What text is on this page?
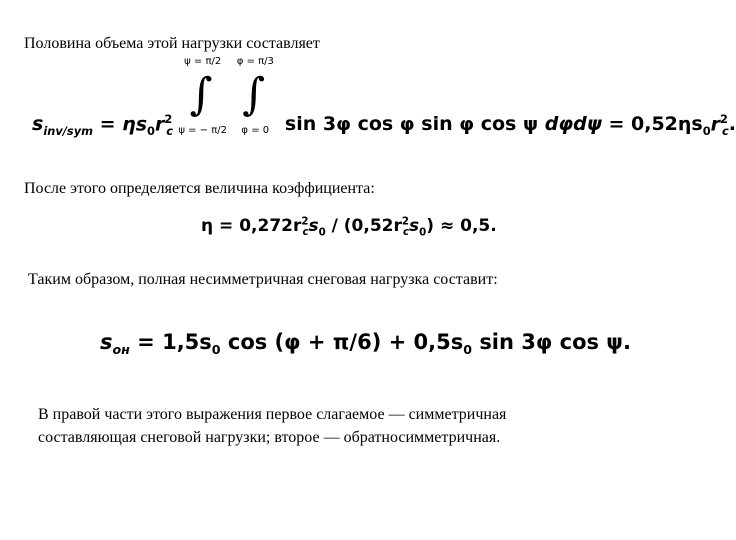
Половина объема этой нагрузки составляет

$s_{inv/sym} = \eta s_0r^2_c$
ψ = π/2
∫
ψ = − π/2

φ = π/3
∫
φ = 0 sin 3φ cos φ sin φ cos ψ $d\varphi d\psi = 0,52\eta s_0r^2_c$.

После этого определяется величина коэффициента:

$\eta = 0,272r^2_cs_0 / (0,52r^2_cs_0) \approx 0,5$.

Таким образом, полная несимметричная снеговая нагрузка составит:

$s_{он} = 1,5s_0$ $\cos (\varphi + \pi/6) + 0,5s_0$ sin 3φ cos ψ.

В правой части этого выражения первое слагаемое — симметричная

составляющая снеговой нагрузки; второе — обратносимметричная.
